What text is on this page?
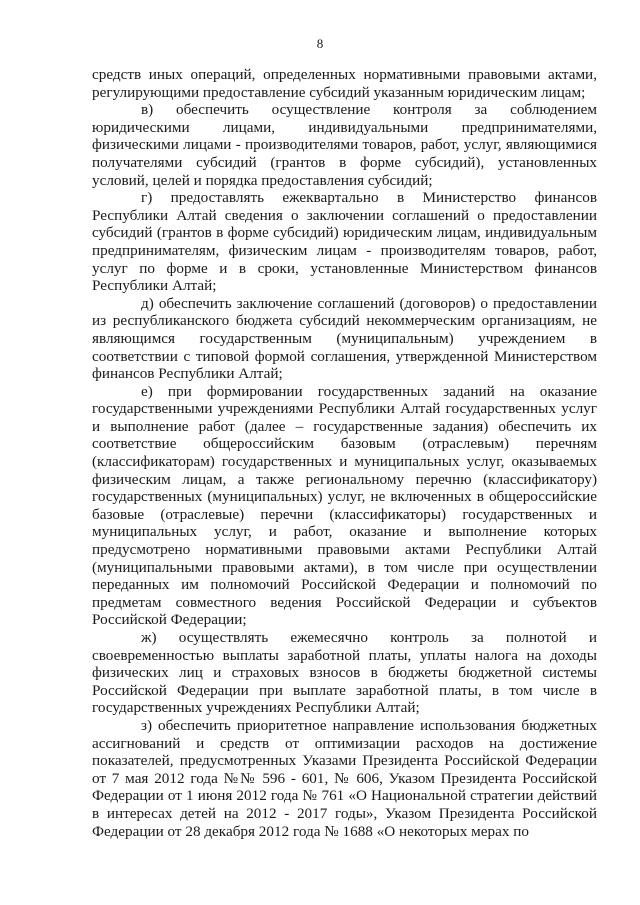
8

средств иных операций, определенных нормативными правовыми актами, регулирующими предоставление субсидий указанным юридическим лицам;

в) обеспечить осуществление контроля за соблюдением юридическими лицами, индивидуальными предпринимателями, физическими лицами - производителями товаров, работ, услуг, являющимися получателями субсидий (грантов в форме субсидий), установленных условий, целей и порядка предоставления субсидий;

г) предоставлять ежеквартально в Министерство финансов Республики Алтай сведения о заключении соглашений о предоставлении субсидий (грантов в форме субсидий) юридическим лицам, индивидуальным предпринимателям, физическим лицам - производителям товаров, работ, услуг по форме и в сроки, установленные Министерством финансов Республики Алтай;

д) обеспечить заключение соглашений (договоров) о предоставлении из республиканского бюджета субсидий некоммерческим организациям, не являющимся государственным (муниципальным) учреждением в соответствии с типовой формой соглашения, утвержденной Министерством финансов Республики Алтай;

е) при формировании государственных заданий на оказание государственными учреждениями Республики Алтай государственных услуг и выполнение работ (далее – государственные задания) обеспечить их соответствие общероссийским базовым (отраслевым) перечням (классификаторам) государственных и муниципальных услуг, оказываемых физическим лицам, а также региональному перечню (классификатору) государственных (муниципальных) услуг, не включенных в общероссийские базовые (отраслевые) перечни (классификаторы) государственных и муниципальных услуг, и работ, оказание и выполнение которых предусмотрено нормативными правовыми актами Республики Алтай (муниципальными правовыми актами), в том числе при осуществлении переданных им полномочий Российской Федерации и полномочий по предметам совместного ведения Российской Федерации и субъектов Российской Федерации;

ж) осуществлять ежемесячно контроль за полнотой и своевременностью выплаты заработной платы, уплаты налога на доходы физических лиц и страховых взносов в бюджеты бюджетной системы Российской Федерации при выплате заработной платы, в том числе в государственных учреждениях Республики Алтай;

з) обеспечить приоритетное направление использования бюджетных ассигнований и средств от оптимизации расходов на достижение показателей, предусмотренных Указами Президента Российской Федерации от 7 мая 2012 года №№ 596 - 601, № 606, Указом Президента Российской Федерации от 1 июня 2012 года № 761 «О Национальной стратегии действий в интересах детей на 2012 - 2017 годы», Указом Президента Российской Федерации от 28 декабря 2012 года № 1688 «О некоторых мерах по
